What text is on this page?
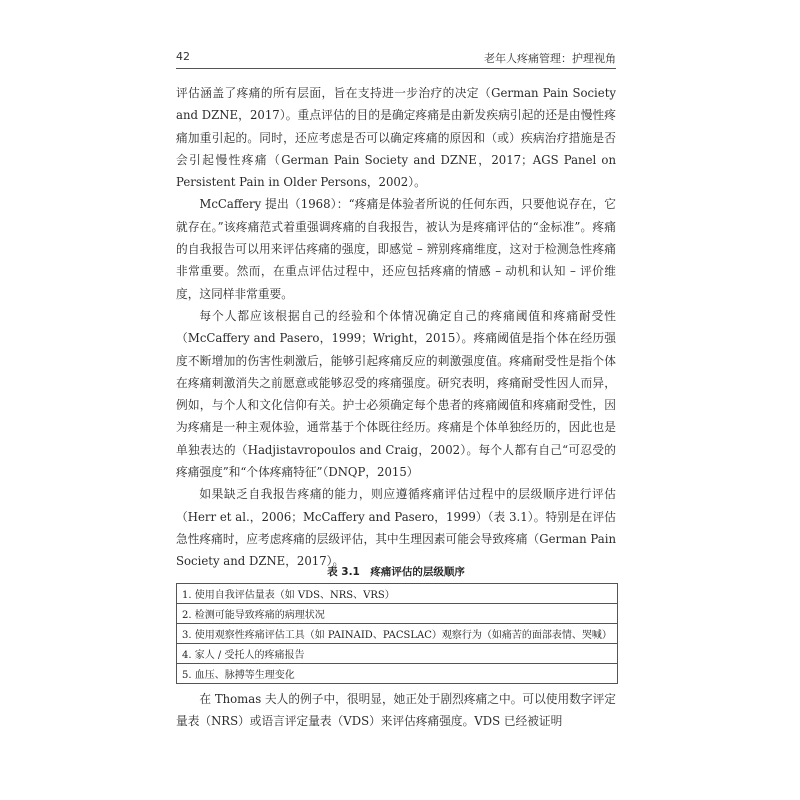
42	老年人疼痛管理：护理视角

评估涵盖了疼痛的所有层面，旨在支持进一步治疗的决定（German Pain Society and DZNE，2017）。重点评估的目的是确定疼痛是由新发疾病引起的还是由慢性疼痛加重引起的。同时，还应考虑是否可以确定疼痛的原因和（或）疾病治疗措施是否会引起慢性疼痛（German Pain Society and DZNE，2017；AGS Panel on Persistent Pain in Older Persons，2002）。

McCaffery 提出（1968）：“疼痛是体验者所说的任何东西，只要他说存在，它就存在。”该疼痛范式着重强调疼痛的自我报告，被认为是疼痛评估的“金标准”。疼痛的自我报告可以用来评估疼痛的强度，即感觉 – 辨别疼痛维度，这对于检测急性疼痛非常重要。然而，在重点评估过程中，还应包括疼痛的情感 – 动机和认知 – 评价维度，这同样非常重要。

每个人都应该根据自己的经验和个体情况确定自己的疼痛阈值和疼痛耐受性（McCaffery and Pasero，1999；Wright，2015）。疼痛阈值是指个体在经历强度不断增加的伤害性刺激后，能够引起疼痛反应的刺激强度值。疼痛耐受性是指个体在疼痛刺激消失之前愿意或能够忍受的疼痛强度。研究表明，疼痛耐受性因人而异，例如，与个人和文化信仰有关。护士必须确定每个患者的疼痛阈值和疼痛耐受性，因为疼痛是一种主观体验，通常基于个体既往经历。疼痛是个体单独经历的，因此也是单独表达的（Hadjistavropoulos and Craig，2002）。每个人都有自己“可忍受的疼痛强度”和“个体疼痛特征”（DNQP，2015）

如果缺乏自我报告疼痛的能力，则应遵循疼痛评估过程中的层级顺序进行评估（Herr et al.，2006；McCaffery and Pasero，1999）（表 3.1）。特别是在评估急性疼痛时，应考虑疼痛的层级评估，其中生理因素可能会导致疼痛（German Pain Society and DZNE，2017）。

表 3.1　疼痛评估的层级顺序
1. 使用自我评估量表（如 VDS、NRS、VRS）
2. 检测可能导致疼痛的病理状况
3. 使用观察性疼痛评估工具（如 PAINAID、PACSLAC）观察行为（如痛苦的面部表情、哭喊）
4. 家人 / 受托人的疼痛报告
5. 血压、脉搏等生理变化

在 Thomas 夫人的例子中，很明显，她正处于剧烈疼痛之中。可以使用数字评定量表（NRS）或语言评定量表（VDS）来评估疼痛强度。VDS 已经被证明
